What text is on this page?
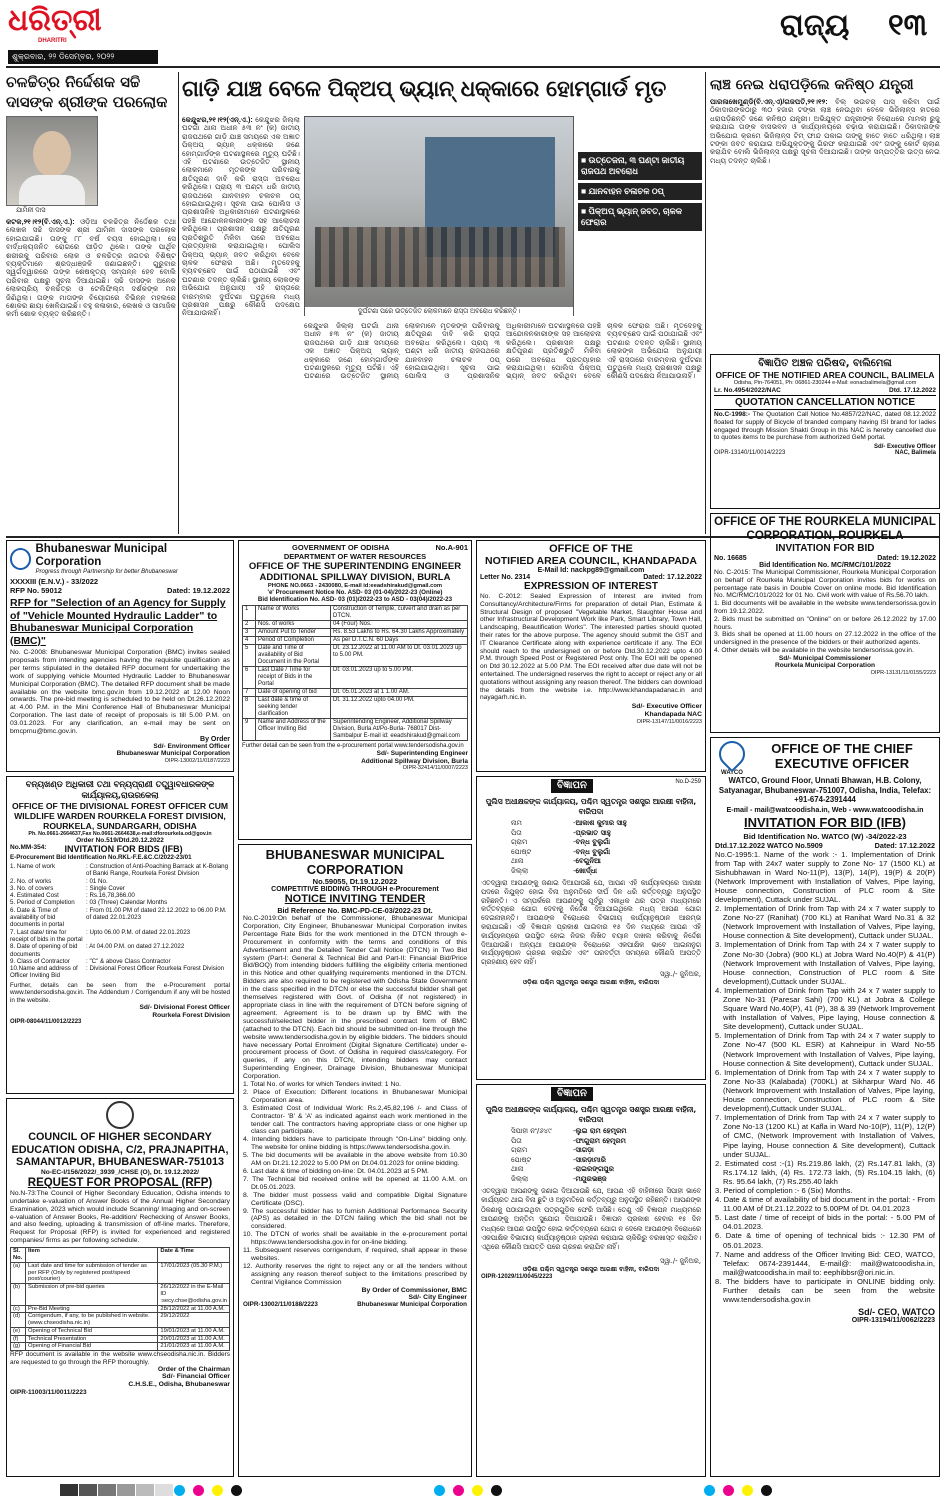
ଧରିତ୍ରୀ
DHARITRI
ଶୁକ୍ରବାର, ୨୨ ଡିସେମ୍ବର, ୨୦୨୨
ରାଜ୍ୟ	୧୩
ଚଳଚ୍ଚିତ୍ର ନିର୍ଦ୍ଦେଶକ ସଚ୍ଚି ଦାସଙ୍କ ଶ୍ରୀଙ୍କ ପରଲୋକ
ଯାମିନୀ ଦାସ
କଟକ,୨୧।୧୨(ବି.ଏନ୍.ଏ.): ଓଡ଼ିଆ ଚଳଚ୍ଚିତ୍ର ନିର୍ଦ୍ଦେଶକ ତଥା ଲେଖକ ସଚ୍ଚି ଦାସଙ୍କ ଶ୍ରୀ ଯାମିନୀ ଦାସଙ୍କ ପରଲୋକ ହୋଇଯାଇଛି। ତାଙ୍କୁ ୮୮ ବର୍ଷ ବୟସ ହୋଇଥିଲା। ସେ ବାର୍ଦ୍ଧକ୍ୟଜନିତ ରୋଗରେ ପୀଡ଼ିତ ଥିଲେ। ତାଙ୍କ ପାର୍ଥିବ ଶରୀରକୁ ପରିବାର ଲୋକ ଓ ଚଳଚ୍ଚିତ୍ର ଜଗତର ବିଶିଷ୍ଟ ବ୍ୟକ୍ତିମାନେ ଶ୍ରଦ୍ଧାଞ୍ଜଳି ଜଣାଇଛନ୍ତି। ଗୁରୁବାର ସ୍ୱର୍ଗଦ୍ୱାରରେ ତାଙ୍କ ଶେଷକୃତ୍ୟ ସମ୍ପନ୍ନ ହେବ ବୋଲି ପରିବାର ପକ୍ଷରୁ ସୂଚନା ଦିଆଯାଇଛି। ସଚ୍ଚି ଦାସଙ୍କ ଅନେକ ଲୋକପ୍ରିୟ ଚଳଚ୍ଚିତ୍ର ଓ ଟେଲିଫିଲ୍ମ ଦର୍ଶକଙ୍କ ମନ ଜିଣିଥିଲା। ତାଙ୍କ ମାତାଙ୍କ ବିୟୋଗରେ ବିଭିନ୍ନ ମହଲରେ ଶୋକର ଛାୟା ଖେଳିଯାଇଛି। ବହୁ କଳାକାର, ଲେଖକ ଓ ସାମାଜିକ କର୍ମୀ ଶୋକ ବ୍ୟକ୍ତ କରିଛନ୍ତି।
ଗାଡ଼ି ଯାଞ୍ଚ ବେଳେ ପିକ୍‌ଅପ୍ ଭ୍ୟାନ୍ ଧକ୍କାରେ ହୋମ୍‌ଗାର୍ଡ ମୃତ
କେନ୍ଦୁଝର,୨୧।୧୨(ଏନ୍.ଏ.): କେନ୍ଦୁଝର ଜିଲ୍ଲା ଘଟଗାଁ ଥାନା ଅଧୀନ ୫୩ ନଂ (କ) ଜାତୀୟ ରାଜପଥରେ ଗାଡ଼ି ଯାଞ୍ଚ ସମୟରେ ଏକ ଅଜ୍ଞାତ ପିକ୍‌ଅପ୍ ଭ୍ୟାନ୍ ଧକ୍କାରେ ଜଣେ ହୋମ୍‌ଗାର୍ଡଙ୍କ ଘଟଣାସ୍ଥଳରେ ମୃତ୍ୟୁ ଘଟିଛି। ଏହି ଘଟଣାରେ ଉତ୍ତେଜିତ ସ୍ଥାନୀୟ ଲୋକମାନେ ମୃତକଙ୍କ ପରିବାରକୁ କ୍ଷତିପୂରଣ ଦାବି କରି ରାସ୍ତା ଅବରୋଧ କରିଥିଲେ। ପ୍ରାୟ ୩ ଘଣ୍ଟା ଧରି ଜାତୀୟ ରାଜପଥରେ ଯାନବାହନ ଚଳାଚଳ ଠପ୍ ହୋଇଯାଇଥିଲା। ସୂଚନା ପାଇ ପୋଲିସ ଓ ପ୍ରଶାସନିକ ଅଧିକାରୀମାନେ ଘଟଣାସ୍ଥଳରେ ପହଞ୍ଚି ଆନ୍ଦୋଳନକାରୀଙ୍କ ସହ ଆଲୋଚନା କରିଥିଲେ। ପ୍ରଶାସନ ପକ୍ଷରୁ କ୍ଷତିପୂରଣ ପ୍ରତିଶ୍ରୁତି ମିଳିବା ପରେ ଅବରୋଧ ପ୍ରତ୍ୟାହାର କରାଯାଇଥିଲା। ପୋଲିସ ପିକ୍‌ଅପ୍ ଭ୍ୟାନ୍ ଜବତ କରିଥିବା ବେଳେ ଚାଳକ ଫେରାର ଅଛି। ମୃତଦେହକୁ ବ୍ୟବଚ୍ଛେଦ ପାଇଁ ପଠାଯାଇଛି ଏବଂ ଘଟଣାର ତଦନ୍ତ ଚାଲିଛି। ସ୍ଥାନୀୟ ଲୋକଙ୍କ ଅଭିଯୋଗ ଅନୁଯାୟୀ ଏହି ରାସ୍ତାରେ ବାରମ୍ବାର ଦୁର୍ଘଟଣା ଘଟୁଥିଲେ ମଧ୍ୟ ପ୍ରଶାସନ ପକ୍ଷରୁ କୌଣସି ପଦକ୍ଷେପ ନିଆଯାଉନାହିଁ।	ଦୁର୍ଘଟଣା ପରେ ଉତ୍ତେଜିତ ଲୋକମାନେ ରାସ୍ତା ଅବରୋଧ କରିଛନ୍ତି।
■ ଉତ୍ତେଜନା, ୩ ଘଣ୍ଟା ଜାତୀୟ ରାଜପଥ ଅବରୋଧ
■ ଯାନବାହନ ଚଳାଚଳ ଠପ୍
■ ପିକ୍‌ଅପ୍ ଭ୍ୟାନ୍ ଜବତ, ଚାଳକ ଫେରାର
କେନ୍ଦୁଝର ଜିଲ୍ଲା ଘଟଗାଁ ଥାନା ଅଧୀନ ୫୩ ନଂ (କ) ଜାତୀୟ ରାଜପଥରେ ଗାଡ଼ି ଯାଞ୍ଚ ସମୟରେ ଏକ ଅଜ୍ଞାତ ପିକ୍‌ଅପ୍ ଭ୍ୟାନ୍ ଧକ୍କାରେ ଜଣେ ହୋମ୍‌ଗାର୍ଡଙ୍କ ଘଟଣାସ୍ଥଳରେ ମୃତ୍ୟୁ ଘଟିଛି। ଏହି ଘଟଣାରେ ଉତ୍ତେଜିତ ସ୍ଥାନୀୟ ଲୋକମାନେ ମୃତକଙ୍କ ପରିବାରକୁ କ୍ଷତିପୂରଣ ଦାବି କରି ରାସ୍ତା ଅବରୋଧ କରିଥିଲେ। ପ୍ରାୟ ୩ ଘଣ୍ଟା ଧରି ଜାତୀୟ ରାଜପଥରେ ଯାନବାହନ ଚଳାଚଳ ଠପ୍ ହୋଇଯାଇଥିଲା। ସୂଚନା ପାଇ ପୋଲିସ ଓ ପ୍ରଶାସନିକ ଅଧିକାରୀମାନେ ଘଟଣାସ୍ଥଳରେ ପହଞ୍ଚି ଆନ୍ଦୋଳନକାରୀଙ୍କ ସହ ଆଲୋଚନା କରିଥିଲେ। ପ୍ରଶାସନ ପକ୍ଷରୁ କ୍ଷତିପୂରଣ ପ୍ରତିଶ୍ରୁତି ମିଳିବା ପରେ ଅବରୋଧ ପ୍ରତ୍ୟାହାର କରାଯାଇଥିଲା। ପୋଲିସ ପିକ୍‌ଅପ୍ ଭ୍ୟାନ୍ ଜବତ କରିଥିବା ବେଳେ ଚାଳକ ଫେରାର ଅଛି। ମୃତଦେହକୁ ବ୍ୟବଚ୍ଛେଦ ପାଇଁ ପଠାଯାଇଛି ଏବଂ ଘଟଣାର ତଦନ୍ତ ଚାଲିଛି। ସ୍ଥାନୀୟ ଲୋକଙ୍କ ଅଭିଯୋଗ ଅନୁଯାୟୀ ଏହି ରାସ୍ତାରେ ବାରମ୍ବାର ଦୁର୍ଘଟଣା ଘଟୁଥିଲେ ମଧ୍ୟ ପ୍ରଶାସନ ପକ୍ଷରୁ କୌଣସି ପଦକ୍ଷେପ ନିଆଯାଉନାହିଁ।
ଲାଞ୍ଚ ନେଇ ଧରାପଡ଼ିଲେ କନିଷ୍ଠ ଯନ୍ତ୍ରୀ
ପାରଳାଖେମୁଣ୍ଡି(ବି.ଏନ୍.ଏ)/ଗଜପତି,୨୧।୧୨: ବିଲ୍ ଭଉଚର୍ ପାସ୍ କରିବା ପାଇଁ ଠିକାଦାରଙ୍କଠାରୁ ୩୦ ହଜାର ଟଙ୍କା ଲାଞ୍ଚ ନେଉଥିବା ବେଳେ ଭିଜିଲାନ୍ସ ହାତରେ ଧରାପଡ଼ିଛନ୍ତି ଜଣେ କନିଷ୍ଠ ଯନ୍ତ୍ରୀ। ଅଭିଯୁକ୍ତ ଯନ୍ତ୍ରୀଙ୍କ ବିରୋଧରେ ମାମଲା ରୁଜୁ କରାଯାଇ ତାଙ୍କ ବାସଭବନ ଓ କାର୍ଯ୍ୟାଳୟରେ ଚଢ଼ାଉ କରାଯାଇଛି। ଠିକାଦାରଙ୍କ ଅଭିଯୋଗ କ୍ରମେ ଭିଜିଲାନ୍ସ ଟିମ୍ ଫାନ୍ଦ ପକାଇ ତାଙ୍କୁ ହାତେ ହାତେ ଧରିଥିଲା। ଲାଞ୍ଚ ଟଙ୍କା ଜବତ କରାଯାଇ ଅଭିଯୁକ୍ତଙ୍କୁ ଗିରଫ କରାଯାଇଛି ଏବଂ ତାଙ୍କୁ କୋର୍ଟ ଚାଲାଣ କରାଯିବ ବୋଲି ଭିଜିଲାନ୍ସ ପକ୍ଷରୁ ସୂଚନା ଦିଆଯାଇଛି। ତାଙ୍କ ସମ୍ପତ୍ତିର ଉତ୍ସ ନେଇ ମଧ୍ୟ ତଦନ୍ତ ଚାଲିଛି।
ବିଜ୍ଞାପିତ ଅଞ୍ଚଳ ପରିଷଦ, ବାଲିମେଳା
OFFICE OF THE NOTIFIED AREA COUNCIL, BALIMELA
Odisha, Pin-764051, Ph: 06861-230244 e-Mail: eonacbalimela@gmail.com
Lr. No.4954/2022/NAC	Dtd. 17.12.2022
QUOTATION CANCELLATION NOTICE
No.C-1998:- The Quotation Call Notice No.4857/22/NAC, dated 08.12.2022 floated for supply of Bicycle of branded company having ISI brand for ladies engaged through Mission Shakti Group in this NAC is hereby cancelled due to quotes items to be purchase from authorized GeM portal.
OIPR-13140/11/0014/2223
Sd/- Executive Officer
NAC, Balimela
Bhubaneswar Municipal Corporation
Progress through Partnership for better Bhubaneswar
XXXXIII (E.N.V.) - 33/2022
RFP No. 59012	Dated: 19.12.2022
RFP for "Selection of an Agency for Supply of "Vehicle Mounted Hydraulic Ladder" to Bhubaneswar Municipal Corporation (BMC)"
No. C-2008: Bhubaneswar Municipal Corporation (BMC) invites sealed proposals from intending agencies having the requisite qualification as per terms stipulated in the detailed RFP document for undertaking the work of supplying vehicle Mounted Hydraulic Ladder to Bhubaneswar Municipal Corporation (BMC). The detailed RFP document shall be made available on the website bmc.gov.in from 19.12.2022 at 12.00 Noon onwards. The pre-bid meeting is scheduled to be held on Dt.26.12.2022 at 4.00 P.M. in the Mini Conference Hall of Bhubaneswar Municipal Corporation. The last date of receipt of proposals is till 5.00 P.M. on 03.01.2023. For any clarification, an e-mail may be sent on bmcprnu@bmc.gov.in.
By Order
Sd/- Environment Officer
Bhubaneswar Municipal Corporation
OIPR-13002/11/0187/2223
GOVERNMENT OF ODISHA	No.A-901
DEPARTMENT OF WATER RESOURCES
OFFICE OF THE SUPERINTENDING ENGINEER ADDITIONAL SPILLWAY DIVISION, BURLA
PHONE NO.0663 - 2430080, E-mail id:eeadshirakud@gmail.com
'e' Procurement Notice No. ASD- 03 (01-04)/2022-23 (Online)
Bid Identification No. ASD- 03 (01)/2022-23 to ASD - 03(04)/2022-23
1	Name of Works	Construction of Temple, culvert and drain as per DTCN.
2	Nos. of works	04 (Four) Nos.
3	Amount Put to Tender	Rs. 8.53 Lakhs to Rs. 64.30 Lakhs Approximately
4	Period of Completion	As per D.T.C.N. 60 Days
5	Date and Time of availability of Bid Document in the Portal	Dt. 23.12.2022 at 11.00 AM to Dt. 03.01.2023 up to 5.00 PM.
6	Last Date / Time for receipt of Bids in the Portal	Dt: 03.01.2023 up to 5.00 PM.
7	Date of opening of bid	Dt. 05.01.2023 at 1 1.00 AM.
8	Last date & time of seeking tender clarification	Dt. 31.12.2022 upto 04.00 PM.
9	Name and Address of the Officer Inviting Bid	Superintending Engineer, Additional Spillway Division, Burla At/Po-Burla- 768017 Dist-Sambalpur E-mail id: eeadshirakud@gmail.com
Further detail can be seen from the e-procurement portal www.tendersodisha.gov.in
Sd/- Superintending Engineer
Additional Spillway Division, Burla
OIPR-32414/11/0007/2223
OFFICE OF THE
NOTIFIED AREA COUNCIL, KHANDAPADA
E-Mail Id: nackpg89@gmail.com
Letter No. 2314	Dated: 17.12.2022
EXPRESSION OF INTEREST
No. C-2012: Sealed Expression of Interest are invited from Consultancy/Architecture/Firms for preparation of detail Plan, Estimate & Structural Design of proposed "Vegetable Market, Slaughter House and other Infrastructural Development Work like Park, Smart Library, Town Hall, Landscaping, Beautification Works". The interested parties should quoted their rates for the above purpose. The agency should submit the GST and IT Clearance Certificate along with experience certificate if any. The EOI should reach to the undersigned on or before Dtd.30.12.2022 upto 4.00 P.M. through Speed Post or Registered Post only. The EOI will be opened on Dtd 30.12.2022 at 5.00 P.M. The EOI received after due date will not be entertained. The undersigned reserves the right to accept or reject any or all quotations without assigning any reason thereof. The bidders can download the details from the website i.e. http://www.khandapadanac.in and nayagarh.nic.in.
Sd/- Executive Officer
Khandapada NAC
OIPR-13147/11/0016/2223
OFFICE OF THE ROURKELA MUNICIPAL CORPORATION, ROURKELA
INVITATION FOR BID
No. 16685	Dated: 19.12.2022
Bid Identification No. MC/RMC/101/2022
No. C-2015: The Municipal Commissioner, Rourkela Municipal Corporation on behalf of Rourkela Municipal Corporation invites bids for works on percentage rate basis in Double Cover on online mode. Bid Identification No. MC/RMC/101/2022 for 01 No. Civil work with value of Rs.56.70 lakh.
1. Bid documents will be available in the website www.tendersorissa.gov.in from 19.12.2022.
2. Bids must be submitted on "Online" on or before 26.12.2022 by 17.00 hours.
3. Bids shall be opened at 11.00 hours on 27.12.2022 in the office of the undersigned in the presence of the bidders or their authorized agents.
4. Other details will be available in the website tendersorissa.gov.in.
Sd/- Municipal Commissioner
Rourkela Municipal Corporation
OIPR-13131/11/0155/2223
WATCO
OFFICE OF THE CHIEF EXECUTIVE OFFICER
WATCO, Ground Floor, Unnati Bhawan, H.B. Colony, Satyanagar, Bhubaneswar-751007, Odisha, India, Telefax: +91-674-2391444
E-mail - mail@watcoodisha.in, Web - www.watcoodisha.in
INVITATION FOR BID (IFB)
Bid Identification No. WATCO (W) -34/2022-23
Dtd.17.12.2022 WATCO No.5909	Dated: 17.12.2022
No.C-1995:1. Name of the work :- 1. Implementation of Drink from Tap with 24x7 water supply to Zone No- 17 (1500 KL) at Sishubhawan in Ward No-11(P), 13(P), 14(P), 19(P) & 20(P) (Network Improvement with Installation of Valves, Pipe laying, House connection, Construction of PLC room & Site development), Cuttack under SUJAL.
2. Implementation of Drink from Tap with 24 x 7 water supply to Zone No-27 (Ranihat) (700 KL) at Ranihat Ward No.31 & 32 (Network Improvement with Installation of Valves, Pipe laying, House connection & Site development), Cuttack under SUJAL.
3. Implementation of Drink from Tap with 24 x 7 water supply to Zone No-30 (Jobra) (900 KL) at Jobra Ward No.40(P) & 41(P) (Network Improvement with Installation of Valves, Pipe laying, House connection, Construction of PLC room & Site development),Cuttack under SUJAL.
4. Implementation of Drink from Tap with 24 x 7 water supply to Zone No-31 (Paresar Sahi) (700 KL) at Jobra & College Square Ward No.40(P), 41 (P), 38 & 39 (Network Improvement with Installation of Valves, Pipe laying, House connection & Site development), Cuttack under SUJAL.
5. Implementation of Drink from Tap with 24 x 7 water supply to Zone No-47 (500 KL ESR) at Kahneipur in Ward No-55 (Network Improvement with Installation of Valves, Pipe laying, House connection & Site development), Cuttack under SUJAL.
6. Implementation of Drink from Tap with 24 x 7 water supply to Zone No-33 (Kalabada) (700KL) at Sikharpur Ward No. 46 (Network Improvement with Installation of Valves, Pipe laying, House connection, Construction of PLC room & Site development),Cuttack under SUJAL.
7. Implementation of Drink from Tap with 24 x 7 water supply to Zone No-13 (1200 KL) at Kafla in Ward No-10(P), 11(P), 12(P) of CMC, (Network Improvement with Installation of Valves, Pipe laying, House connection & Site development), Cuttack under SUJAL.
2. Estimated cost :-(1) Rs.219.86 lakh, (2) Rs.147.81 lakh, (3) Rs.174.12 lakh, (4) Rs. 172.73 lakh, (5) Rs.104.15 lakh, (6) Rs. 95.64 lakh, (7) Rs.255.40 lakh
3. Period of completion :- 6 (Six) Months.
4. Date & time of availability of bid document in the portal: - From 11.00 AM of Dt.21.12.2022 to 5.00PM of Dt. 04.01.2023
5. Last date / time of receipt of bids in the portal: - 5.00 PM of 04.01.2023.
6. Date & time of opening of technical bids :- 12.30 PM of 05.01.2023.
7. Name and address of the Officer Inviting Bid: CEO, WATCO, Telefax: 0674-2391444, E-mail@: mail@watcoodisha.in, mail@watcoodisha.in mail to: eephibbsr@ori.nic.in.
8. The bidders have to participate in ONLINE bidding only. Further details can be seen from the website www.tendersodisha.gov.in
Sd/- CEO, WATCO
OIPR-13194/11/0062/2223
ବନ୍ୟଖଣ୍ଡ ଅଧିକାରୀ ତଥା ବନ୍ୟପ୍ରାଣୀ ତତ୍ତ୍ୱାବଧାରକଙ୍କ କାର୍ଯ୍ୟାଳୟ,ରାଉରକେଲା
OFFICE OF THE DIVISIONAL FOREST OFFICER CUM WILDLIFE WARDEN ROURKELA FOREST DIVISION, ROURKELA, SUNDARGARH, ODISHA
Ph. No.0661-2664637,Fax No.0661-2664638,e-mail:dforourkela.od@gov.in
Order No.519/Dtd.20.12.2022
No.MM-354: INVITATION FOR BIDS (IFB)
E-Procurement Bid Identification No.RKL-F.E.&C.C/2022-23/01
1. Name of work	: Construction of Anti-Poaching Barrack at K-Bolang of Banki Range, Rourkela Forest Division
2. No. of works	: 01 No.
3. No. of covers	: Single Cover
4. Estimated Cost	: Rs.16,78,366.00
5. Period of Completion	: 03 (Three) Calendar Months
6. Date & Time of availability of bid documents in portal	: From 01.00 PM of dated 22.12.2022 to 06.00 P.M. of dated 22.01.2023
7. Last date/ time for receipt of bids in the portal	: Upto 06.00 P.M. of dated 22.01.2023
8. Date of opening of bid documents	: At 04.00 P.M. on dated 27.12.2022
9. Class of Contractor	: "C" & above Class Contractor
10.Name and address of Officer Inviting Bid	: Divisional Forest Officer Rourkela Forest Division
Further, details can be seen from the e-Procurement portal www.tendersodisha.gov.in. The Addendum / Corrigendum if any will be hosted in the website.
Sd/- Divisional Forest Officer
Rourkela Forest Division
OIPR-08044/11/0012/2223
COUNCIL OF HIGHER SECONDARY EDUCATION ODISHA, C/2, PRAJNAPITHA, SAMANTAPUR, BHUBANESWAR-751013
No-EC-I/156/2022/_3939_/CHSE (O), Dt. 19.12.2022/
REQUEST FOR PROPOSAL (RFP)
No.N-73:The Council of Higher Secondary Education, Odisha intends to undertake e-valuation of Answer Books of the Annual Higher Secondary Examination, 2023 which would include Scanning/ Imaging and on-screen e-valuation of Answer Books, Re-addition/ Rechecking of Answer Books, and also feeding, uploading & transmission of off-line marks. Therefore, Request for Proposal (RFP) is invited for experienced and registered companies/ firms as per following schedule.
Sl. No.	Item	Date & Time
(a)	Last date and time for submission of tender as per RFP (Only by registered post/speed post/courier)	17/01/2023 (05.30 P.M.)
(b)	Submission of pre-bid queries	26/12/2022 in the E-Mail ID :secy.chse@odisha.gov.in
(c)	Pre-Bid Meeting	28/12/2022 at 11.00 A.M.
(d)	Corrigendum, if any, to be published in website. (www.chseodisha.nic.in)	29/12/2022
(e)	Opening of Technical Bid	19/01/2023 at 11.00 A.M.
(f)	Technical Presentation	20/01/2023 at 11.00 A.M.
(g)	Opening of Financial Bid	21/01/2023 at 11.00 A.M.
RFP document is available in the website www.chseodisha.nic.in. Bidders are requested to go through the RFP thoroughly.
Order of the Chairman
Sd/- Financial Officer
C.H.S.E., Odisha, Bhubaneswar
OIPR-11003/11/0011/2223
BHUBANESWAR MUNICIPAL CORPORATION
No.59055, Dt.19.12.2022
COMPETITIVE BIDDING THROUGH e-Procurement
NOTICE INVITING TENDER
Bid Reference No. BMC-PD-CE-03/2022-23 Dt.
No.C-2019:On behalf of the Commissioner, Bhubaneswar Municipal Corporation, City Engineer, Bhubaneswar Municipal Corporation invites Percentage Rate Bids for the work mentioned in the DTCN through e-Procurement in conformity with the terms and conditions of this Advertisement and the Detailed Tender Call Notice (DTCN) in Two Bid system (Part-I: General & Technical Bid and Part-II: Financial Bid/Price Bid/BOQ) from intending bidders fulfilling the eligibility criteria mentioned in this Notice and other qualifying requirements mentioned in the DTCN. Bidders are also required to be registered with Odisha State Government in the class specified in the DTCN or else the successful bidder shall get themselves registered with Govt. of Odisha (if not registered) in appropriate class in line with the requirement of DTCN before signing of agreement. Agreement is to be drawn up by BMC with the successful/selected bidder in the prescribed contract form of BMC (attached to the DTCN). Each bid should be submitted on-line through the website www.tendersodisha.gov.in by eligible bidders. The bidders should have necessary Portal Enrolment (Digital Signature Certificate) under e-procurement process of Govt. of Odisha in required class/category. For queries, if any on this DTCN, intending bidders may contact Superintending Engineer, Drainage Division, Bhubaneswar Municipal Corporation.
1. Total No. of works for which Tenders invited: 1 No.
2. Place of Execution: Different locations in Bhubaneswar Municipal Corporation area.
3. Estimated Cost of Individual Work: Rs.2,45,82,196 /- and Class of Contractor- 'B' & 'A' as indicated against each work mentioned in the tender call. The contractors having appropriate class or one higher up class can participate.
4. Intending bidders have to participate through "On-Line" bidding only. The website for online bidding is https://www.tendersodisha.gov.in.
5. The bid documents will be available in the above website from 10.30 AM on Dt.21.12.2022 to 5.00 PM on Dt.04.01.2023 for online bidding.
6. Last date & time of bidding on-line: Dt. 04.01.2023 at 5 PM.
7. The Technical bid received online will be opened at 11.00 A.M. on Dt.05.01.2023.
8. The bidder must possess valid and compatible Digital Signature Certificate (DSC).
9. The successful bidder has to furnish Additional Performance Security (APS) as detailed in the DTCN failing which the bid shall not be considered.
10. The DTCN of works shall be available in the e-procurement portal https://www.tendersodisha.gov.in for on-line bidding.
11. Subsequent reserves corrigendum, if required, shall appear in these websites.
12. Authority reserves the right to reject any or all the tenders without assigning any reason thereof subject to the limitations prescribed by Central Vigilance Commission
By Order of Commissioner, BMC
Sd/- City Engineer
OIPR-13002/11/0188/2223	Bhubaneswar Municipal Corporation
ବିଜ୍ଞାପନ	No.D-259
ପୁଲିସ ଅଧୀକ୍ଷକଙ୍କ କାର୍ଯ୍ୟାଳୟ, ପଶ୍ଚିମ ସ୍ୱତନ୍ତ୍ର ସଶସ୍ତ୍ର ଆରକ୍ଷୀ ବାହିନୀ, ବାରିପଦା
ନାମ	- ଆକାଶ କୁମାର ସାହୁ
ପିତା	- ପ୍ରଭାତ ସାହୁ
ଗ୍ରାମ	- ବନ୍ଧ ବୁଲୁଗାଁ
ପୋଷ୍ଟ	- ବନ୍ଧ ବୁଲୁଗାଁ
ଥାନା	- ବେଗୁନିଆ
ଜିଲ୍ଲା	- ଖୋର୍ଦ୍ଧା
ଏତଦ୍ୱାରା ଆପଣଙ୍କୁ ଜଣାଇ ଦିଆଯାଉଛି ଯେ, ଆପଣ ଏହି କାର୍ଯ୍ୟାଳୟରେ ଆରକ୍ଷୀ ପଦରେ ନିଯୁକ୍ତ ହୋଇ ବିନା ଅନୁମତିରେ ଦୀର୍ଘ ଦିନ ଧରି କର୍ତ୍ତବ୍ୟରୁ ଅନୁପସ୍ଥିତ ରହିଛନ୍ତି। ଏ ସମ୍ପର୍କରେ ଆପଣଙ୍କୁ ପୂର୍ବରୁ ଏକାଧିକ ଥର ପତ୍ର ମାଧ୍ୟମରେ କର୍ତ୍ତବ୍ୟରେ ଯୋଗ ଦେବାକୁ ନିର୍ଦ୍ଦେଶ ଦିଆଯାଇଥିଲେ ମଧ୍ୟ ଆପଣ ଯୋଗ ଦେଇନାହାନ୍ତି। ଆପଣଙ୍କ ବିରୋଧରେ ବିଭାଗୀୟ କାର୍ଯ୍ୟାନୁଷ୍ଠାନ ଆରମ୍ଭ କରାଯାଇଛି। ଏହି ବିଜ୍ଞାପନ ପ୍ରକାଶ ପାଇବାର ୧୫ ଦିନ ମଧ୍ୟରେ ଆପଣ ଏହି କାର୍ଯ୍ୟାଳୟରେ ଉପସ୍ଥିତ ହୋଇ ନିଜର ଲିଖିତ ବୟାନ ଦାଖଲ କରିବାକୁ ନିର୍ଦ୍ଦେଶ ଦିଆଯାଉଛି। ଅନ୍ୟଥା ଆପଣଙ୍କ ବିରୋଧରେ ଏକପାକ୍ଷିକ ଭାବେ ଆଇନାନୁଗ କାର୍ଯ୍ୟାନୁଷ୍ଠାନ ଗ୍ରହଣ କରାଯିବ ଏବଂ ପରବର୍ତ୍ତୀ ସମୟରେ କୌଣସି ଆପତ୍ତି ଗ୍ରହଣୀୟ ହେବ ନାହିଁ।
ସ୍ୱା./- ଜୁନିଅର,
ଓଡ଼ିଶା ପଶ୍ଚିମ ସ୍ୱତନ୍ତ୍ର ସଶସ୍ତ୍ର ଆରକ୍ଷୀ ବାହିନୀ, ବାରିପଦା
ବିଜ୍ଞାପନ
ପୁଲିସ ଅଧୀକ୍ଷକଙ୍କ କାର୍ଯ୍ୟାଳୟ, ପଶ୍ଚିମ ସ୍ୱତନ୍ତ୍ର ସଶସ୍ତ୍ର ଆରକ୍ଷୀ ବାହିନୀ, ବାରିପଦା
ସିପାହୀ ନଂ/୬୪୯	- ଲୁଇ ରାମ ହେମ୍ବ୍ରମ
ପିତା	- ଫାଗୁରାମ ହେମ୍ବ୍ରମ
ଗ୍ରାମ	- ସାଗଡ଼ା
ପୋଷ୍ଟ	- ସାରଡ଼ାମାରି
ଥାନା	- ରାଇରଙ୍ଗପୁର
ଜିଲ୍ଲା	- ମୟୂରଭଞ୍ଜ
ଏତଦ୍ୱାରା ଆପଣଙ୍କୁ ଜଣାଇ ଦିଆଯାଉଛି ଯେ, ଆପଣ ଏହି ବାହିନୀରେ ସିପାହୀ ଭାବେ କାର୍ଯ୍ୟରତ ଥାଇ ବିନା ଛୁଟି ଓ ଅନୁମତିରେ କର୍ତ୍ତବ୍ୟରୁ ଅନୁପସ୍ଥିତ ରହିଛନ୍ତି। ଆପଣଙ୍କ ଠିକଣାକୁ ପଠାଯାଇଥିବା ପତ୍ରଗୁଡ଼ିକ ଫେରି ଆସିଛି। ତେଣୁ ଏହି ବିଜ୍ଞାପନ ମାଧ୍ୟମରେ ଆପଣଙ୍କୁ ଅନ୍ତିମ ସୁଯୋଗ ଦିଆଯାଉଛି। ବିଜ୍ଞାପନ ପ୍ରକାଶ ହେବାର ୧୫ ଦିନ ମଧ୍ୟରେ ଆପଣ ଉପସ୍ଥିତ ହୋଇ କର୍ତ୍ତବ୍ୟରେ ଯୋଗ ନ ଦେଲେ ଆପଣଙ୍କ ବିରୋଧରେ ଏକପାକ୍ଷିକ ବିଭାଗୀୟ କାର୍ଯ୍ୟାନୁଷ୍ଠାନ ଗ୍ରହଣ କରାଯାଇ ଚାକିରିରୁ ବରଖାସ୍ତ କରାଯିବ। ଏଥିରେ କୌଣସି ଆପତ୍ତି ପରେ ଗ୍ରହଣ କରାଯିବ ନାହିଁ।
ସ୍ୱା./- ଜୁନିଅର,
ଓଡ଼ିଶା ପଶ୍ଚିମ ସ୍ୱତନ୍ତ୍ର ସଶସ୍ତ୍ର ଆରକ୍ଷୀ ବାହିନୀ, ବାରିପଦା
OIPR-12029/11/0045/2223
